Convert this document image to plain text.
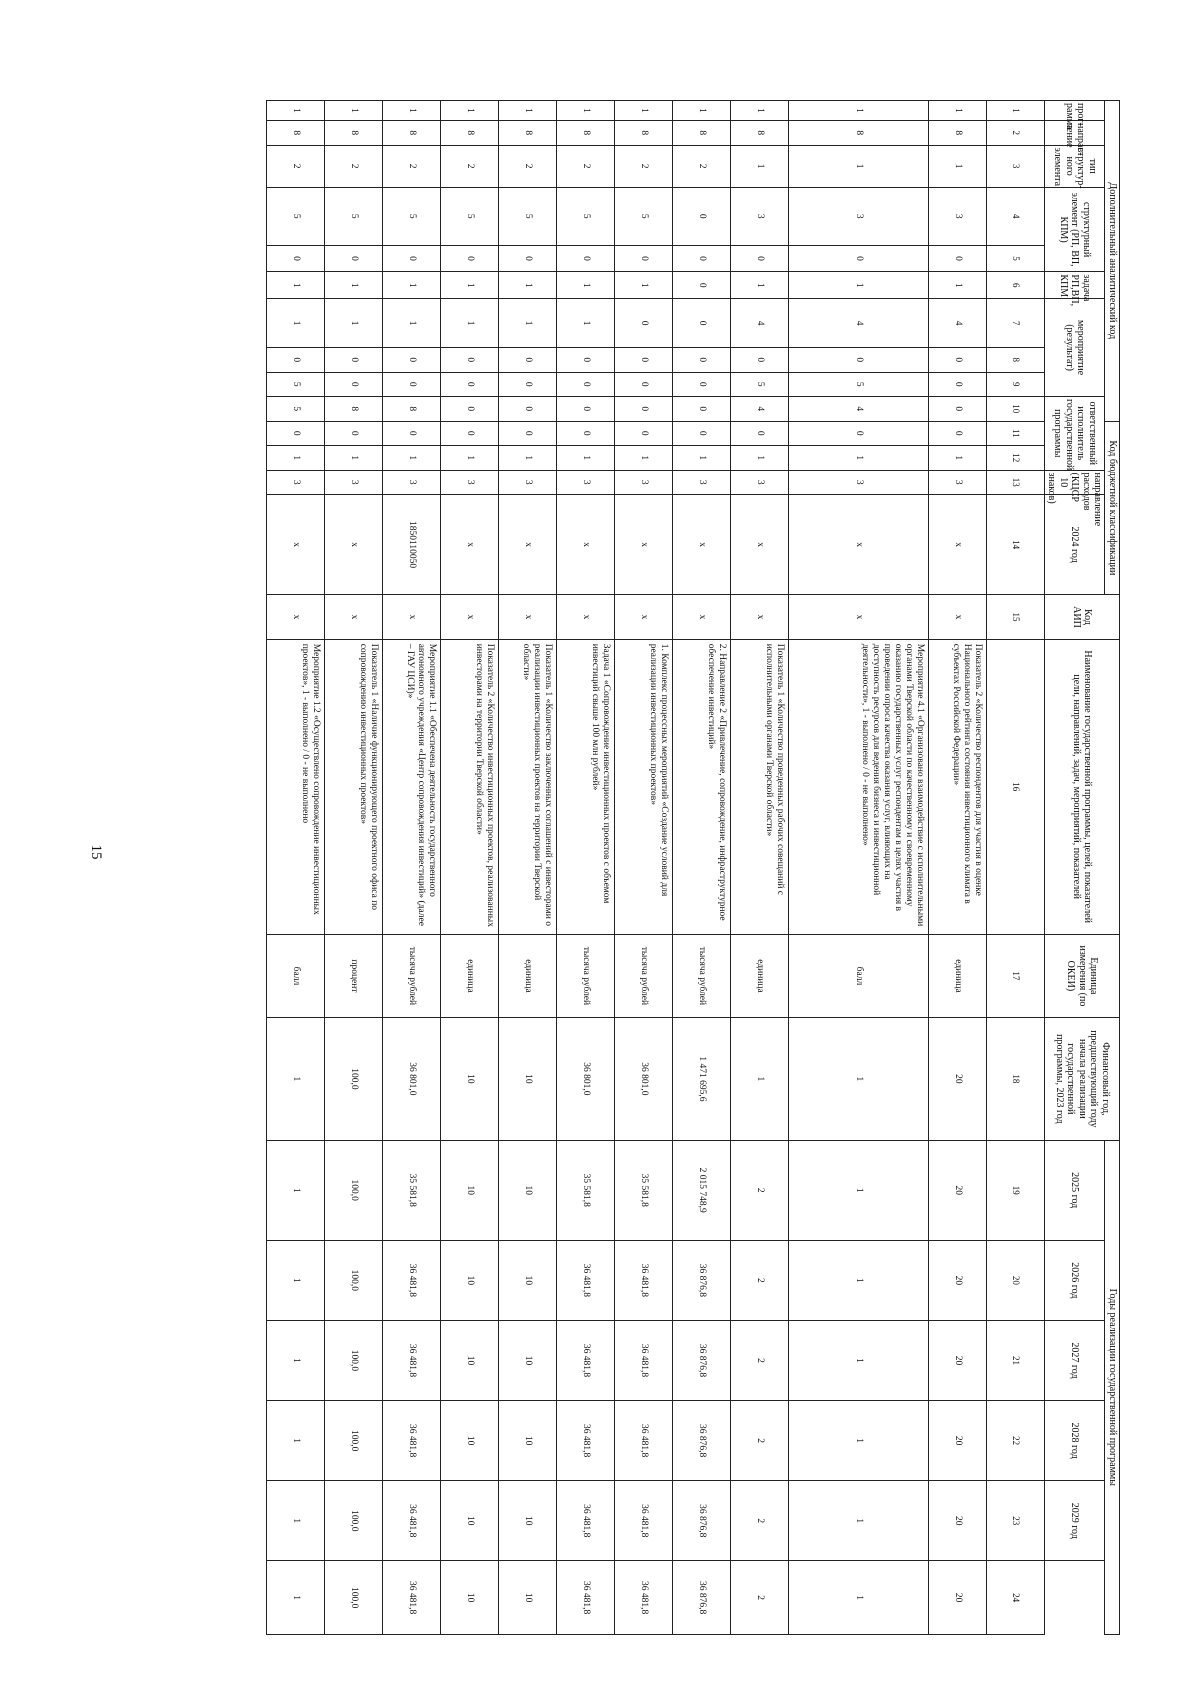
15
Дополнительный аналитический код										Код бюджетной классификации				Код АИП	Наименование государственной программы, целей, показателей цели, направлений, задач, мероприятий, показателей	Единица измерения (по ОКЕИ)	Финансовый год, предшествующий году начала реализации государственной программы, 2023 год	Годы реализации государственной программы					
прог- рамма	направ- ление	тип структур- ного элемента	структурный элемент (РП, ВП, КПМ)		задача РП,ВП, КПМ	мероприятие (результат)			ответственный исполнитель государственной программы			направление расходов (КЦСР 10 знаков)	2024 год					2025 год	2026 год	2027 год	2028 год	2029 год	

1	2	3	4	5	6	7	8	9	10	11	12	13	14	15	16	17	18	19	20	21	22	23	24
1	8	1	3	0	1	4	0	0	0	0	1	3	х	х	Показатель 2 «Количество респондентов для участия в оценке Национального рейтинга состояния инвестиционного климата в субъектах Российской Федерации»	единица	20	20	20	20	20	20	20
1	8	1	3	0	1	4	0	5	4	0	1	3	х	х	Мероприятие 4.1 «Организовано взаимодействие с исполнительными органами Тверской области по качественному и своевременному оказанию государственных услуг респондентам в целях участия в проведении опроса качества оказания услуг, влияющих на доступность ресурсов для ведения бизнеса и инвестиционной деятельности», 1 - выполнено / 0 - не выполнено»	балл	1	1	1	1	1	1	1
1	8	1	3	0	1	4	0	5	4	0	1	3	х	х	Показатель 1 «Количество проведенных рабочих совещаний с исполнительными органами Тверской области»	единица	1	2	2	2	2	2	2
1	8	2	0	0	0	0	0	0	0	0	1	3	х	х	2. Направление 2 «Привлечение, сопровождение, инфраструктурное обеспечение инвестиций»	тысяча рублей	1 471 695,6	2 015 748,9	36 876,8	36 876,8	36 876,8	36 876,8	36 876,8
1	8	2	5	0	1	0	0	0	0	0	1	3	х	х	1. Комплекс процессных мероприятий «Создание условий для реализации инвестиционных проектов»	тысяча рублей	36 801,0	35 581,8	36 481,8	36 481,8	36 481,8	36 481,8	36 481,8
1	8	2	5	0	1	1	0	0	0	0	1	3	х	х	Задача 1 «Сопровождение инвестиционных проектов с объемом инвестиций свыше 100 млн рублей»	тысяча рублей	36 801,0	35 581,8	36 481,8	36 481,8	36 481,8	36 481,8	36 481,8
1	8	2	5	0	1	1	0	0	0	0	1	3	х	х	Показатель 1 «Количество заключенных соглашений с инвесторами о реализации инвестиционных проектов на территории Тверской области»	единица	10	10	10	10	10	10	10
1	8	2	5	0	1	1	0	0	0	0	1	3	х	х	Показатель 2 «Количество инвестиционных проектов, реализованных инвесторами на территории Тверской области»	единица	10	10	10	10	10	10	10
1	8	2	5	0	1	1	0	0	8	0	1	3	1850110050	х	Мероприятие 1.1 «Обеспечена деятельность государственного автономного учреждения «Центр сопровождения инвестиций» (далее – ГАУ ЦСИ)»	тысяча рублей	36 801,0	35 581,8	36 481,8	36 481,8	36 481,8	36 481,8	36 481,8
1	8	2	5	0	1	1	0	0	8	0	1	3	х	х	Показатель 1 «Наличие функционирующего проектного офиса по сопровождению инвестиционных проектов»	процент	100,0	100,0	100,0	100,0	100,0	100,0	100,0
1	8	2	5	0	1	1	0	5	5	0	1	3	х	х	Мероприятие 1.2 «Осуществлено сопровождение инвестиционных проектов», 1 - выполнено / 0 - не выполнено	балл	1	1	1	1	1	1	1
